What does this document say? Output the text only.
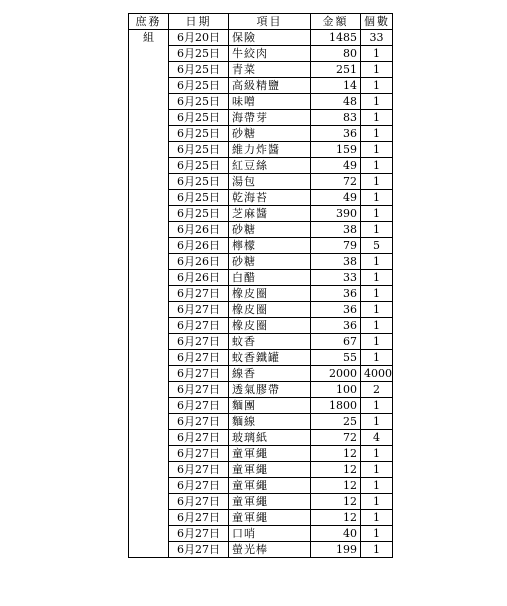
庶務	日期	項目	金額	個數
組	6月20日	保險	1485	33
	6月25日	牛絞肉	80	1
	6月25日	青菜	251	1
	6月25日	高級精鹽	14	1
	6月25日	味噌	48	1
	6月25日	海帶芽	83	1
	6月25日	砂糖	36	1
	6月25日	維力炸醬	159	1
	6月25日	紅豆絲	49	1
	6月25日	湯包	72	1
	6月25日	乾海苔	49	1
	6月25日	芝麻醬	390	1
	6月26日	砂糖	38	1
	6月26日	檸檬	79	5
	6月26日	砂糖	38	1
	6月26日	白醋	33	1
	6月27日	橡皮圈	36	1
	6月27日	橡皮圈	36	1
	6月27日	橡皮圈	36	1
	6月27日	蚊香	67	1
	6月27日	蚊香鐵罐	55	1
	6月27日	線香	2000	4000
	6月27日	透氣膠帶	100	2
	6月27日	麵團	1800	1
	6月27日	麵線	25	1
	6月27日	玻璃紙	72	4
	6月27日	童軍繩	12	1
	6月27日	童軍繩	12	1
	6月27日	童軍繩	12	1
	6月27日	童軍繩	12	1
	6月27日	童軍繩	12	1
	6月27日	口哨	40	1
	6月27日	螢光棒	199	1
